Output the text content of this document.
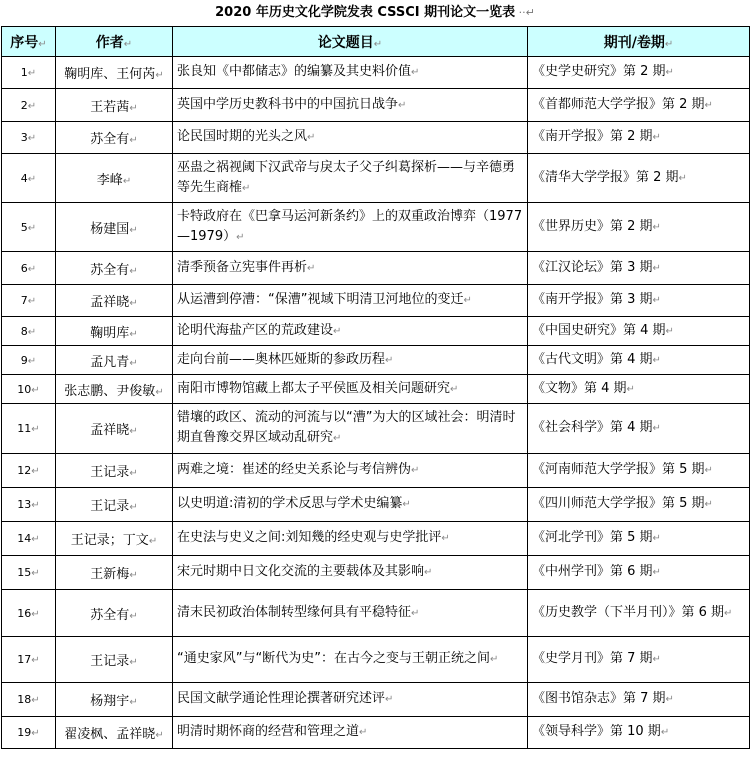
2020 年历史文化学院发表 CSSCI 期刊论文一览表 ··↵
序号↵	作者↵	论文题目↵	期刊/卷期↵
1↵	鞠明库、王何芮↵	张良知《中都储志》的编纂及其史料价值↵	《史学史研究》第 2 期↵
2↵	王若茜↵	英国中学历史教科书中的中国抗日战争↵	《首都师范大学学报》第 2 期↵
3↵	苏全有↵	论民国时期的光头之风↵	《南开学报》第 2 期↵
4↵	李峰↵	巫蛊之祸视阈下汉武帝与戾太子父子纠葛探析——与辛德勇等先生商榷↵	《清华大学学报》第 2 期↵
5↵	杨建国↵	卡特政府在《巴拿马运河新条约》上的双重政治博弈（1977—1979）↵	《世界历史》第 2 期↵
6↵	苏全有↵	清季预备立宪事件再析↵	《江汉论坛》第 3 期↵
7↵	孟祥晓↵	从运漕到停漕：“保漕”视域下明清卫河地位的变迁↵	《南开学报》第 3 期↵
8↵	鞠明库↵	论明代海盐产区的荒政建设↵	《中国史研究》第 4 期↵
9↵	孟凡青↵	走向台前——奥林匹娅斯的参政历程↵	《古代文明》第 4 期↵
10↵	张志鹏、尹俊敏↵	南阳市博物馆藏上都太子平侯匜及相关问题研究↵	《文物》第 4 期↵
11↵	孟祥晓↵	错壤的政区、流动的河流与以“漕”为大的区域社会：明清时期直鲁豫交界区域动乱研究↵	《社会科学》第 4 期↵
12↵	王记录↵	两难之境：崔述的经史关系论与考信辨伪↵	《河南师范大学学报》第 5 期↵
13↵	王记录↵	以史明道:清初的学术反思与学术史编纂↵	《四川师范大学学报》第 5 期↵
14↵	王记录；丁文↵	在史法与史义之间:刘知幾的经史观与史学批评↵	《河北学刊》第 5 期↵
15↵	王新梅↵	宋元时期中日文化交流的主要载体及其影响↵	《中州学刊》第 6 期↵
16↵	苏全有↵	清末民初政治体制转型缘何具有平稳特征↵	《历史教学（下半月刊）》第 6 期↵
17↵	王记录↵	“通史家风”与“断代为史”：在古今之变与王朝正统之间↵	《史学月刊》第 7 期↵
18↵	杨翔宇↵	民国文献学通论性理论撰著研究述评↵	《图书馆杂志》第 7 期↵
19↵	翟凌枫、孟祥晓↵	明清时期怀商的经营和管理之道↵	《领导科学》第 10 期↵
